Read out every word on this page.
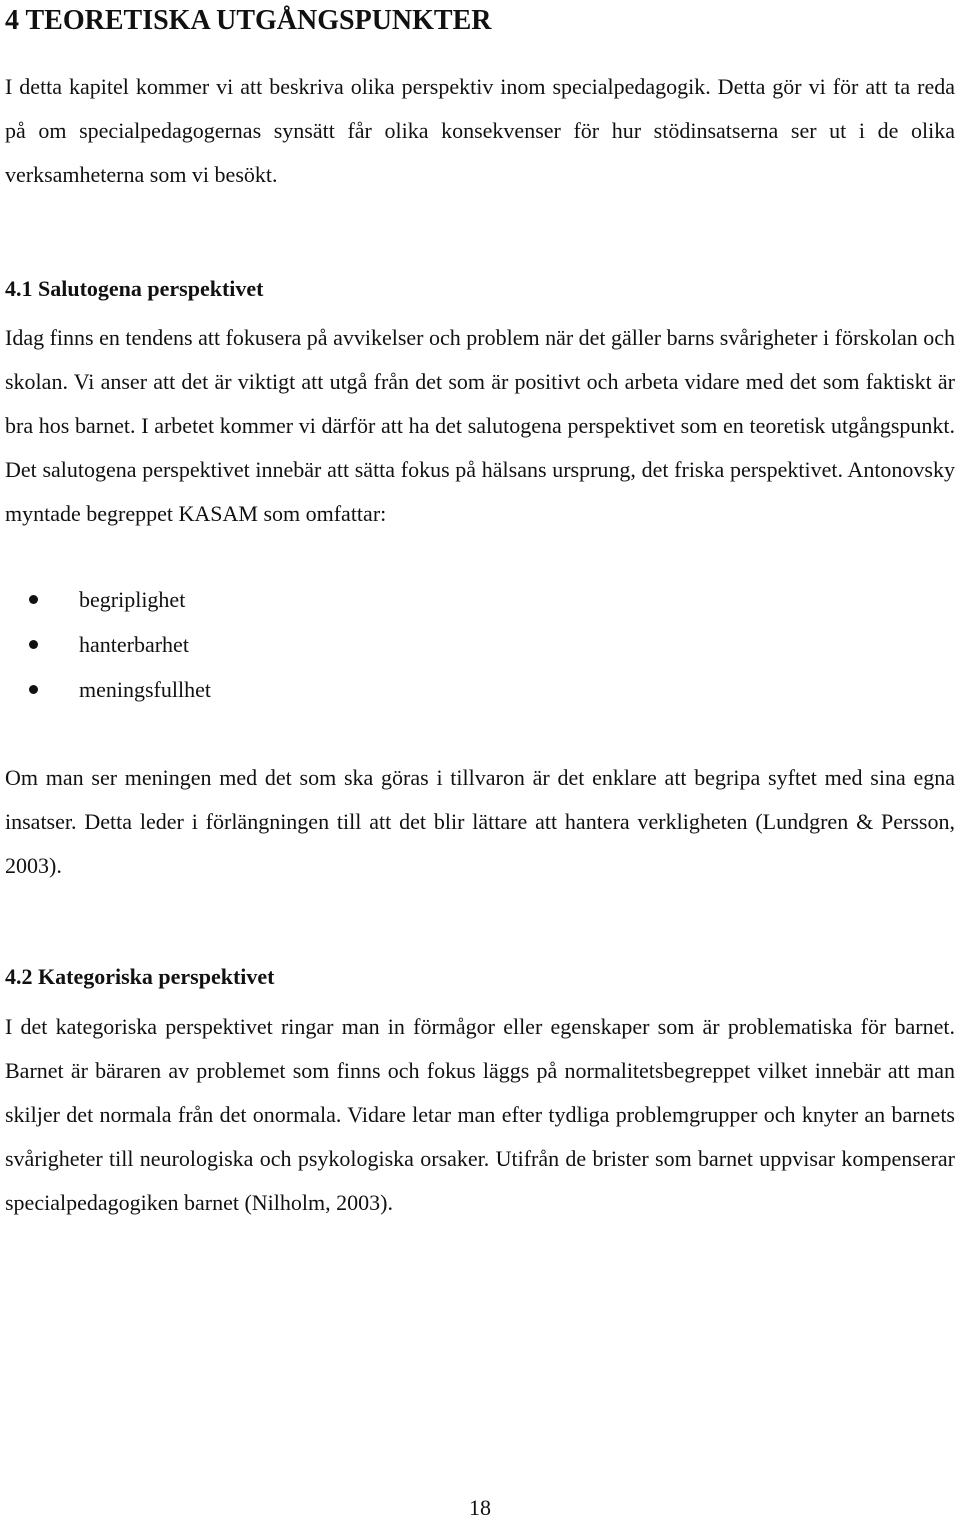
4 TEORETISKA UTGÅNGSPUNKTER

I detta kapitel kommer vi att beskriva olika perspektiv inom specialpedagogik. Detta gör vi för att ta reda på om specialpedagogernas synsätt får olika konsekvenser för hur stödinsatserna ser ut i de olika verksamheterna som vi besökt.

4.1 Salutogena perspektivet

Idag finns en tendens att fokusera på avvikelser och problem när det gäller barns svårigheter i förskolan och skolan. Vi anser att det är viktigt att utgå från det som är positivt och arbeta vidare med det som faktiskt är bra hos barnet. I arbetet kommer vi därför att ha det salutogena perspektivet som en teoretisk utgångspunkt. Det salutogena perspektivet innebär att sätta fokus på hälsans ursprung, det friska perspektivet. Antonovsky myntade begreppet KASAM som omfattar:

begriplighet
hanterbarhet
meningsfullhet

Om man ser meningen med det som ska göras i tillvaron är det enklare att begripa syftet med sina egna insatser. Detta leder i förlängningen till att det blir lättare att hantera verkligheten (Lundgren & Persson, 2003).

4.2 Kategoriska perspektivet

I det kategoriska perspektivet ringar man in förmågor eller egenskaper som är problematiska för barnet. Barnet är bäraren av problemet som finns och fokus läggs på normalitetsbegreppet vilket innebär att man skiljer det normala från det onormala. Vidare letar man efter tydliga problemgrupper och knyter an barnets svårigheter till neurologiska och psykologiska orsaker. Utifrån de brister som barnet uppvisar kompenserar specialpedagogiken barnet (Nilholm, 2003).

18
